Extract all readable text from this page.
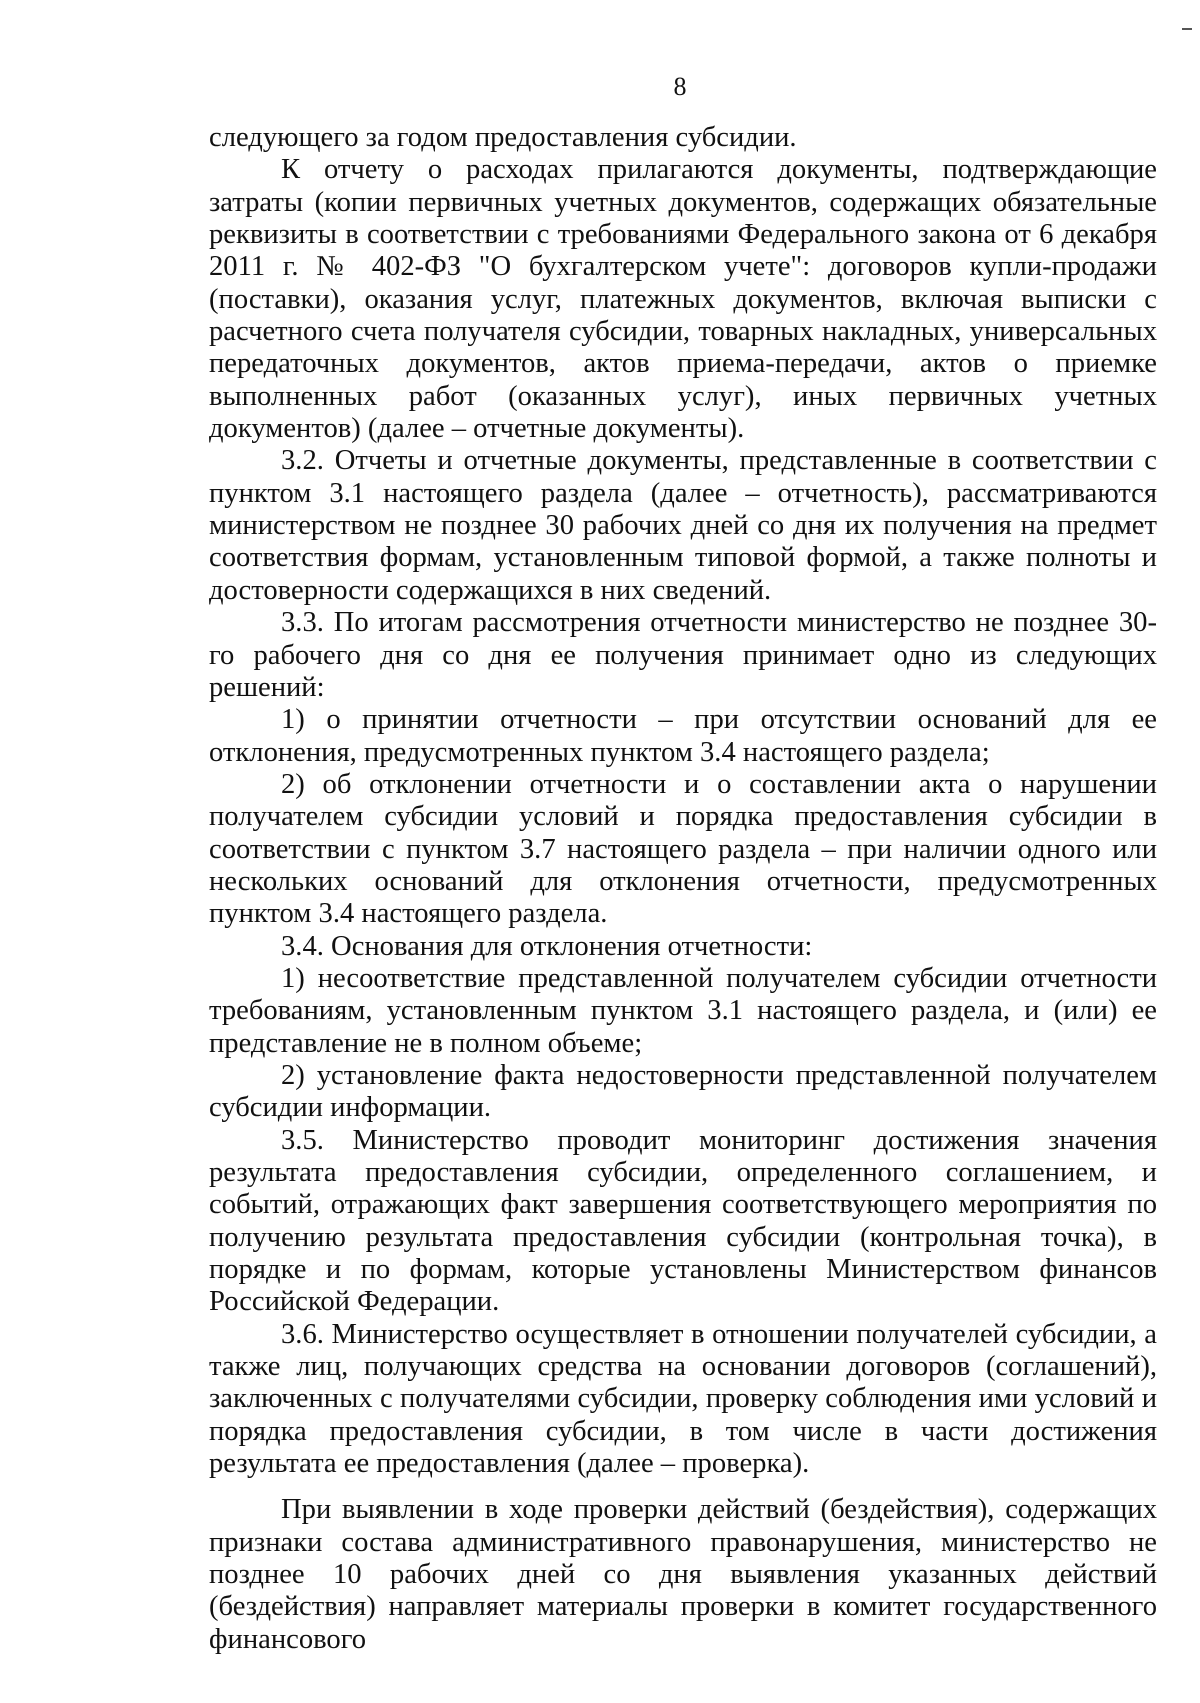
8

следующего за годом предоставления субсидии.

К отчету о расходах прилагаются документы, подтверждающие затраты (копии первичных учетных документов, содержащих обязательные реквизиты в соответствии с требованиями Федерального закона от 6 декабря 2011 г. № 402-ФЗ "О бухгалтерском учете": договоров купли-продажи (поставки), оказания услуг, платежных документов, включая выписки с расчетного счета получателя субсидии, товарных накладных, универсальных передаточных документов, актов приема-передачи, актов о приемке выполненных работ (оказанных услуг), иных первичных учетных документов) (далее – отчетные документы).

3.2. Отчеты и отчетные документы, представленные в соответствии с пунктом 3.1 настоящего раздела (далее – отчетность), рассматриваются министерством не позднее 30 рабочих дней со дня их получения на предмет соответствия формам, установленным типовой формой, а также полноты и достоверности содержащихся в них сведений.

3.3. По итогам рассмотрения отчетности министерство не позднее 30-го рабочего дня со дня ее получения принимает одно из следующих решений:

1) о принятии отчетности – при отсутствии оснований для ее отклонения, предусмотренных пунктом 3.4 настоящего раздела;

2) об отклонении отчетности и о составлении акта о нарушении получателем субсидии условий и порядка предоставления субсидии в соответствии с пунктом 3.7 настоящего раздела – при наличии одного или нескольких оснований для отклонения отчетности, предусмотренных пунктом 3.4 настоящего раздела.

3.4. Основания для отклонения отчетности:

1) несоответствие представленной получателем субсидии отчетности требованиям, установленным пунктом 3.1 настоящего раздела, и (или) ее представление не в полном объеме;

2) установление факта недостоверности представленной получателем субсидии информации.

3.5. Министерство проводит мониторинг достижения значения результата предоставления субсидии, определенного соглашением, и событий, отражающих факт завершения соответствующего мероприятия по получению результата предоставления субсидии (контрольная точка), в порядке и по формам, которые установлены Министерством финансов Российской Федерации.

3.6. Министерство осуществляет в отношении получателей субсидии, а также лиц, получающих средства на основании договоров (соглашений), заключенных с получателями субсидии, проверку соблюдения ими условий и порядка предоставления субсидии, в том числе в части достижения результата ее предоставления (далее – проверка).

При выявлении в ходе проверки действий (бездействия), содержащих признаки состава административного правонарушения, министерство не позднее 10 рабочих дней со дня выявления указанных действий (бездействия) направляет материалы проверки в комитет государственного финансового
